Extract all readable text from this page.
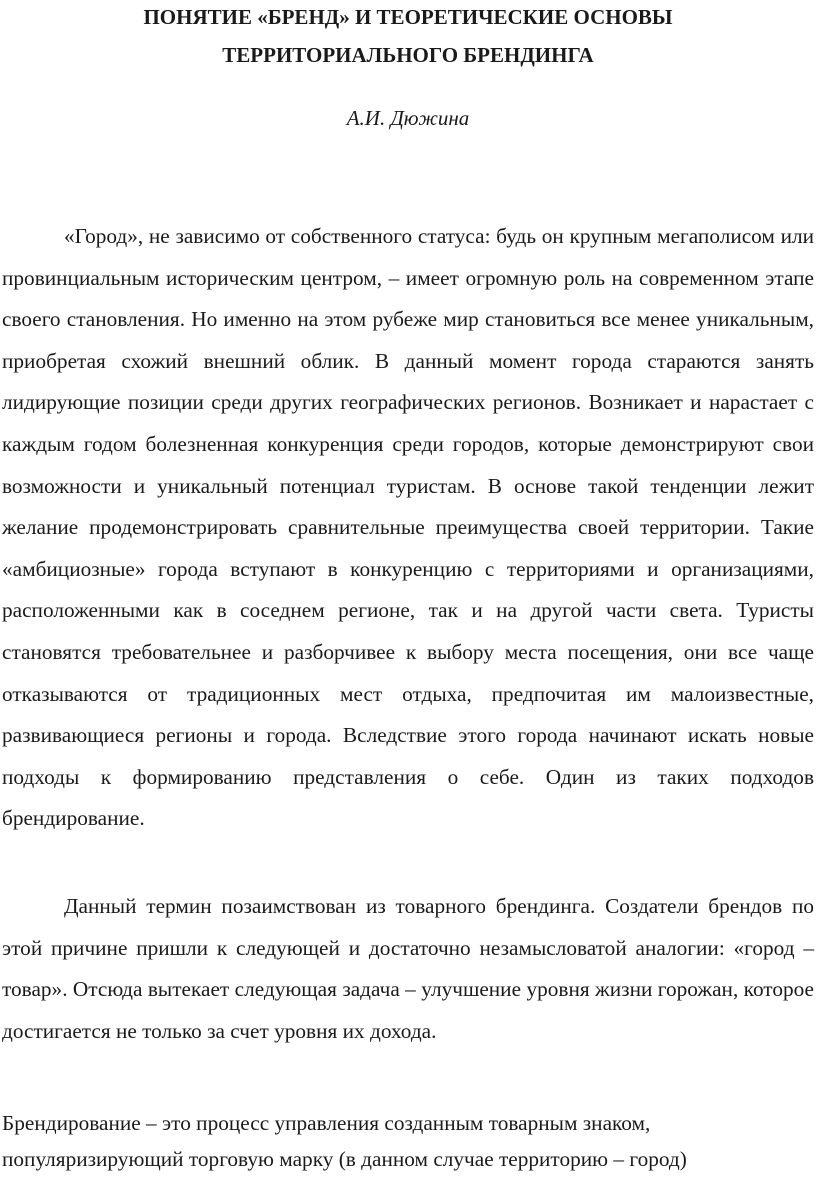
ПОНЯТИЕ «БРЕНД» И ТЕОРЕТИЧЕСКИЕ ОСНОВЫ
ТЕРРИТОРИАЛЬНОГО БРЕНДИНГА

А.И. Дюжина

«Город», не зависимо от собственного статуса: будь он крупным мегаполисом или провинциальным историческим центром, – имеет огромную роль на современном этапе своего становления. Но именно на этом рубеже мир становиться все менее уникальным, приобретая схожий внешний облик. В данный момент города стараются занять лидирующие позиции среди других географических регионов. Возникает и нарастает с каждым годом болезненная конкуренция среди городов, которые демонстрируют свои возможности и уникальный потенциал туристам. В основе такой тенденции лежит желание продемонстрировать сравнительные преимущества своей территории. Такие «амбициозные» города вступают в конкуренцию с территориями и организациями, расположенными как в соседнем регионе, так и на другой части света. Туристы становятся требовательнее и разборчивее к выбору места посещения, они все чаще отказываются от традиционных мест отдыха, предпочитая им малоизвестные, развивающиеся регионы и города. Вследствие этого города начинают искать новые подходы к формированию представления о себе. Один из таких подходов брендирование.

Данный термин позаимствован из товарного брендинга. Создатели брендов по этой причине пришли к следующей и достаточно незамысловатой аналогии: «город – товар». Отсюда вытекает следующая задача – улучшение уровня жизни горожан, которое достигается не только за счет уровня их дохода.

Брендирование – это процесс управления созданным товарным знаком, популяризирующий торговую марку (в данном случае территорию – город)
